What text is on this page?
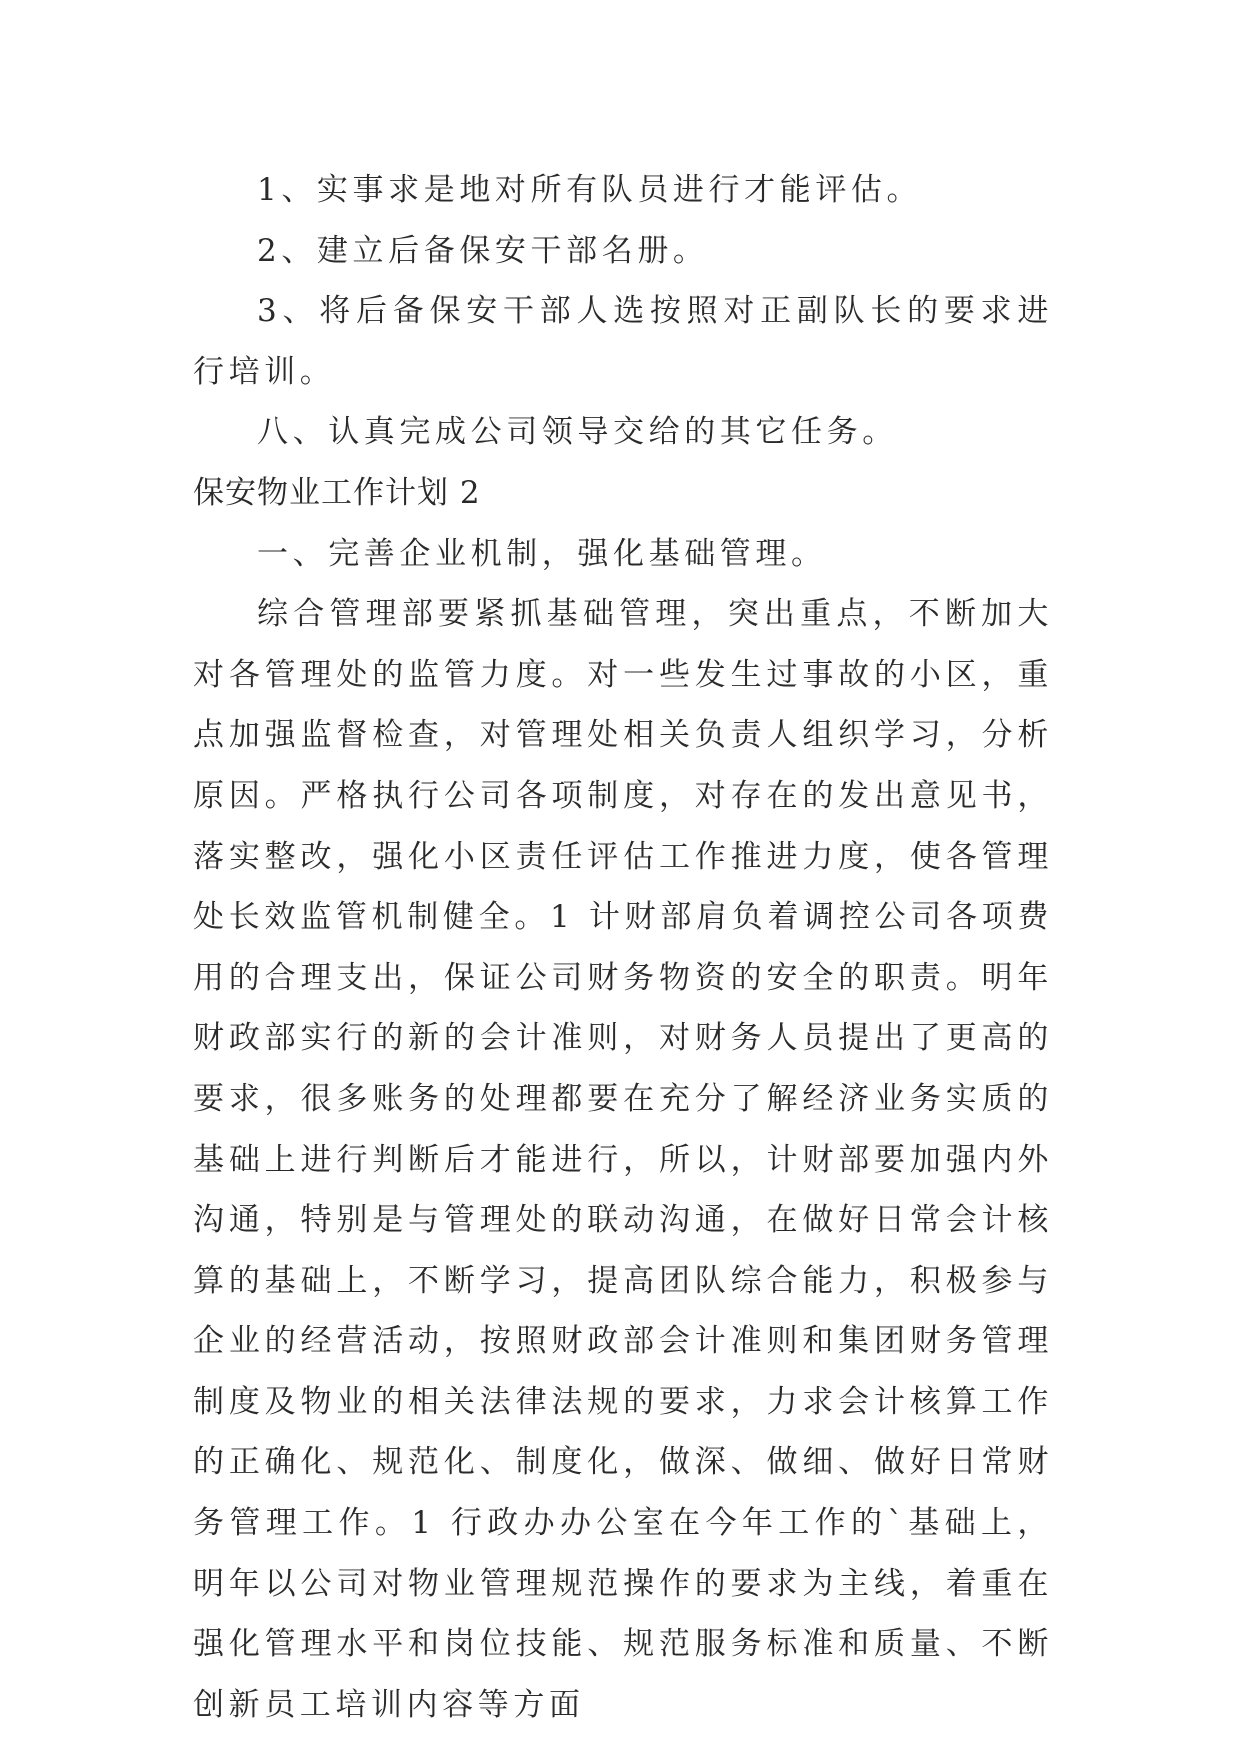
1、实事求是地对所有队员进行才能评估。

2、建立后备保安干部名册。

3、将后备保安干部人选按照对正副队长的要求进行培训。

八、认真完成公司领导交给的其它任务。

保安物业工作计划 2

一、完善企业机制，强化基础管理。

综合管理部要紧抓基础管理，突出重点，不断加大对各管理处的监管力度。对一些发生过事故的小区，重点加强监督检查，对管理处相关负责人组织学习，分析原因。严格执行公司各项制度，对存在的发出意见书，落实整改，强化小区责任评估工作推进力度，使各管理处长效监管机制健全。1 计财部肩负着调控公司各项费用的合理支出，保证公司财务物资的安全的职责。明年财政部实行的新的会计准则，对财务人员提出了更高的要求，很多账务的处理都要在充分了解经济业务实质的基础上进行判断后才能进行，所以，计财部要加强内外沟通，特别是与管理处的联动沟通，在做好日常会计核算的基础上，不断学习，提高团队综合能力，积极参与企业的经营活动，按照财政部会计准则和集团财务管理制度及物业的相关法律法规的要求，力求会计核算工作的正确化、规范化、制度化，做深、做细、做好日常财务管理工作。1 行政办办公室在今年工作的`基础上，明年以公司对物业管理规范操作的要求为主线，着重在强化管理水平和岗位技能、规范服务标准和质量、不断创新员工培训内容等方面
